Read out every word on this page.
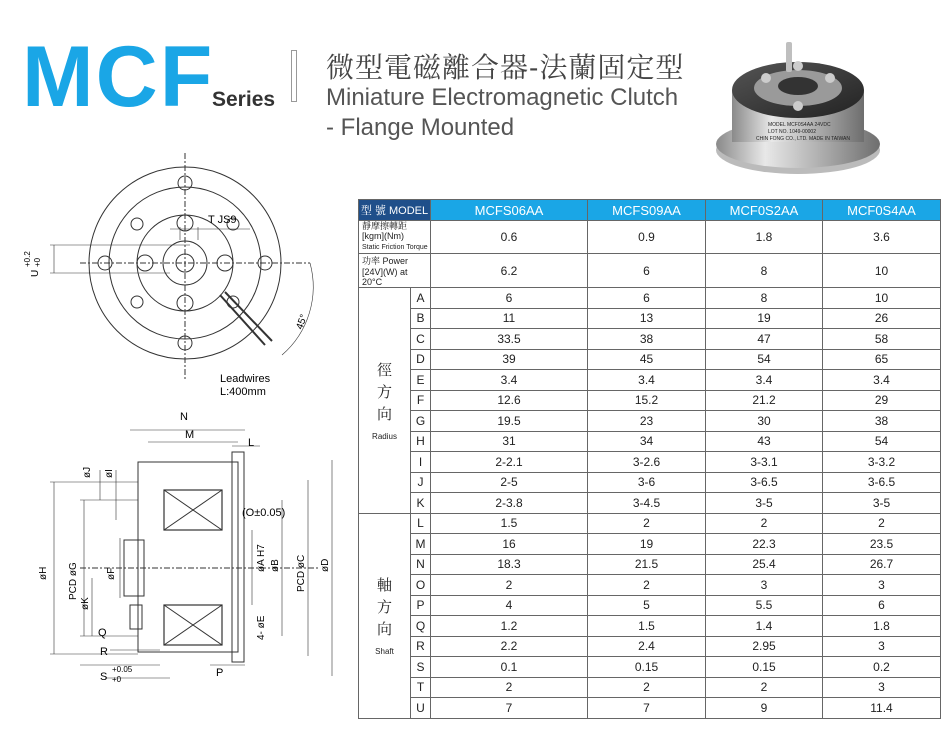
MCF
Series
微型電磁離合器-法蘭固定型
Miniature Electromagnetic Clutch
- Flange Mounted	MODEL MCF0S4AA 24VDC
LOT NO. 1049-00002
CHIN FONG CO., LTD. MADE IN TAIWAN
T JS9
U
+0.2 +0
45°
Leadwires
L:400mm
N
M
L
(O±0.05)
øJ øI
øH PCD øG	øF
øK
øA H7 øB PCD øC øD
4- øE
Q
R
S
+0.05
+0
P
型 號 MODEL		MCFS06AA	MCFS09AA	MCF0S2AA	MCF0S4AA
靜摩擦轉距 [kgm](Nm)
Static Friction Torque		0.6	0.9	1.8	3.6
功率 Power [24V](W) at 20°C		6.2	6	8	10

徑
方
向
Radius	A	6	6	8	10
	B	11	13	19	26
	C	33.5	38	47	58
	D	39	45	54	65
	E	3.4	3.4	3.4	3.4
	F	12.6	15.2	21.2	29
	G	19.5	23	30	38
	H	31	34	43	54
	I	2-2.1	3-2.6	3-3.1	3-3.2
	J	2-5	3-6	3-6.5	3-6.5
	K	2-3.8	3-4.5	3-5	3-5

軸
方
向
Shaft	L	1.5	2	2	2
	M	16	19	22.3	23.5
	N	18.3	21.5	25.4	26.7
	O	2	2	3	3
	P	4	5	5.5	6
	Q	1.2	1.5	1.4	1.8
	R	2.2	2.4	2.95	3
	S	0.1	0.15	0.15	0.2
	T	2	2	2	3
	U	7	7	9	11.4
